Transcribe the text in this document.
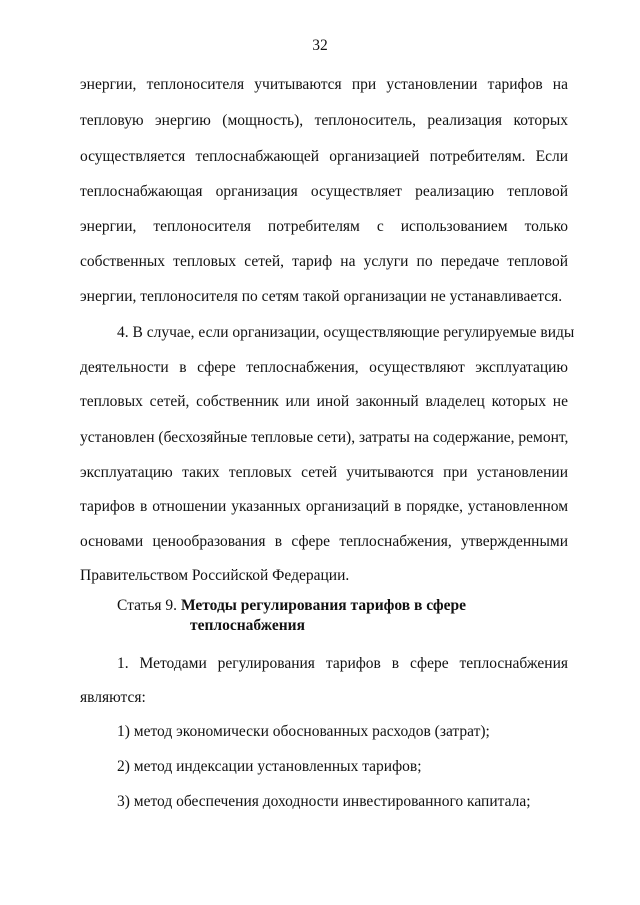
32
энергии, теплоносителя учитываются при установлении тарифов на
тепловую энергию (мощность), теплоноситель, реализация которых
осуществляется теплоснабжающей организацией потребителям. Если
теплоснабжающая организация осуществляет реализацию тепловой
энергии, теплоносителя потребителям с использованием только
собственных тепловых сетей, тариф на услуги по передаче тепловой
энергии, теплоносителя по сетям такой организации не устанавливается.
4. В случае, если организации, осуществляющие регулируемые виды
деятельности в сфере теплоснабжения, осуществляют эксплуатацию
тепловых сетей, собственник или иной законный владелец которых не
установлен (бесхозяйные тепловые сети), затраты на содержание, ремонт,
эксплуатацию таких тепловых сетей учитываются при установлении
тарифов в отношении указанных организаций в порядке, установленном
основами ценообразования в сфере теплоснабжения, утвержденными
Правительством Российской Федерации.
Статья 9. Методы регулирования тарифов в сфере
теплоснабжения
1. Методами регулирования тарифов в сфере теплоснабжения
являются:
1) метод экономически обоснованных расходов (затрат);
2) метод индексации установленных тарифов;
3) метод обеспечения доходности инвестированного капитала;
